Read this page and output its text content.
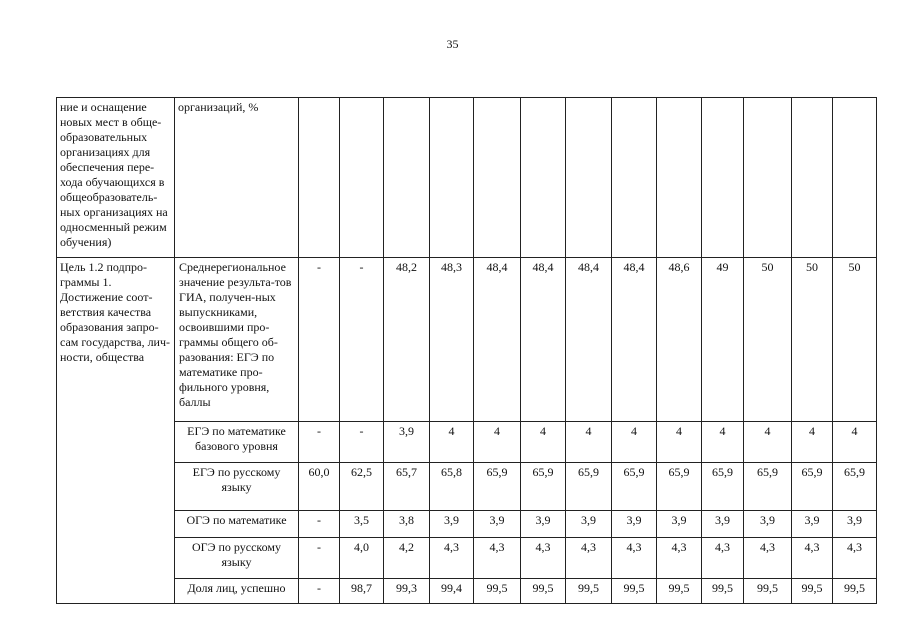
35
ние и оснащение новых мест в обще-образовательных организациях для обеспечения пере-хода обучающихся в общеобразователь-ных организациях на односменный режим обучения)	организаций, %													
Цель 1.2 подпро-граммы 1. Достижение соот-ветствия качества образования запро-сам государства, лич-ности, общества	Среднерегиональное значение результа-тов ГИА, получен-ных выпускниками, освоившими про-граммы общего об-разования: ЕГЭ по математике про-фильного уровня, баллы	-	-	48,2	48,3	48,4	48,4	48,4	48,4	48,6	49	50	50	50
	ЕГЭ по математике базового уровня	-	-	3,9	4	4	4	4	4	4	4	4	4	4
	ЕГЭ по русскому языку	60,0	62,5	65,7	65,8	65,9	65,9	65,9	65,9	65,9	65,9	65,9	65,9	65,9
	ОГЭ по математике	-	3,5	3,8	3,9	3,9	3,9	3,9	3,9	3,9	3,9	3,9	3,9	3,9
	ОГЭ по русскому языку	-	4,0	4,2	4,3	4,3	4,3	4,3	4,3	4,3	4,3	4,3	4,3	4,3
	Доля лиц, успешно	-	98,7	99,3	99,4	99,5	99,5	99,5	99,5	99,5	99,5	99,5	99,5	99,5
